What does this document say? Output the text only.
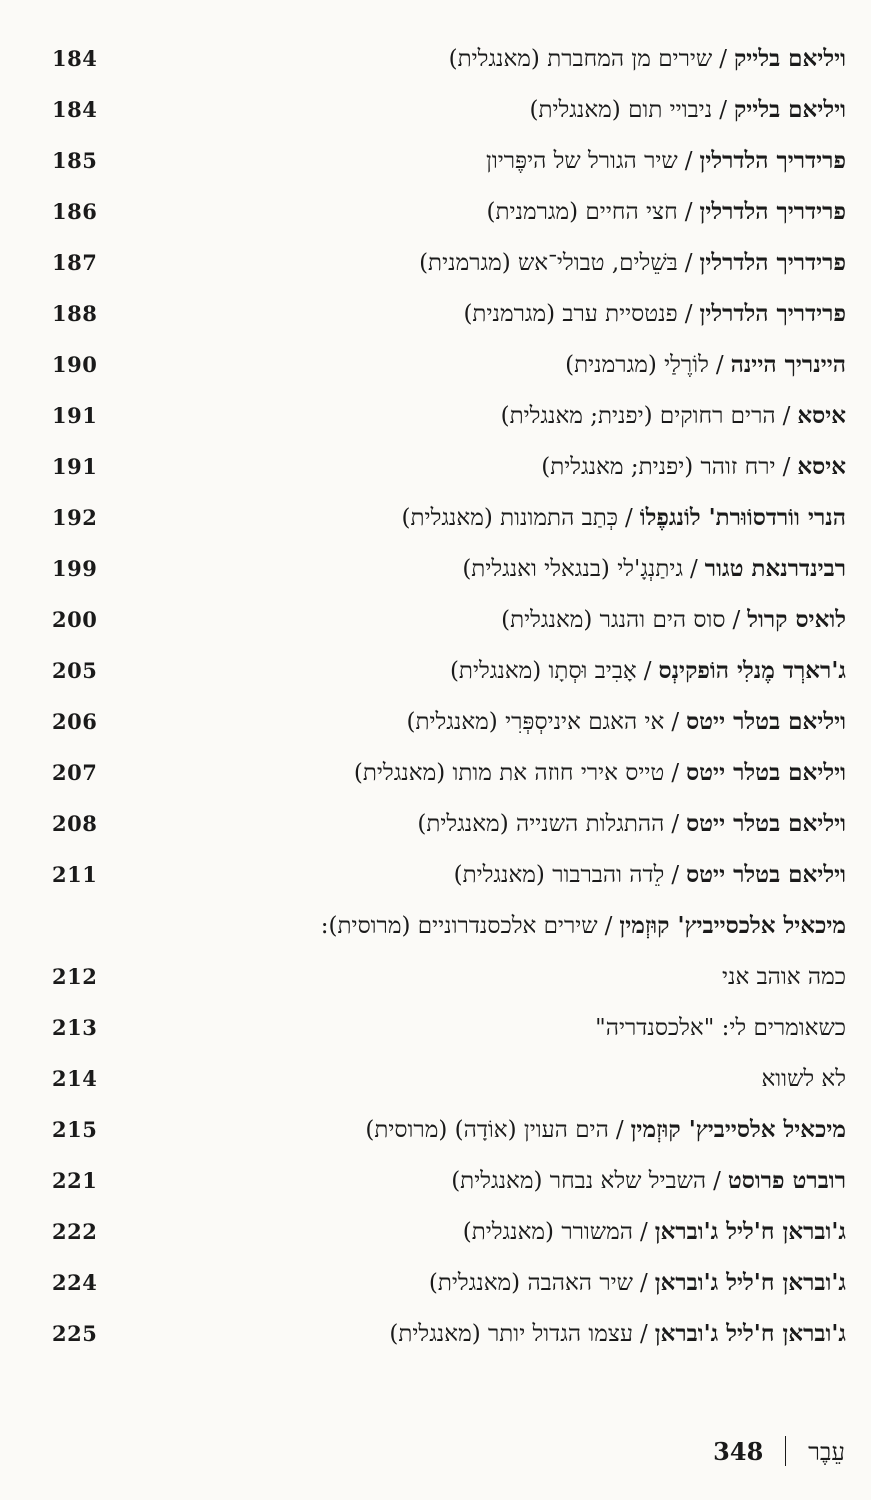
184	ויליאם בלייק/שירים מן המחברת (מאנגלית)
184	ויליאם בלייק/ניבויי תום (מאנגלית)
185	פרידריך הלדרלין/שיר הגורל של היפֶּריון
186	פרידריך הלדרלין/חצי החיים (מגרמנית)
187	פרידריך הלדרלין/בּשֵׁלים, טבולי־אש (מגרמנית)
188	פרידריך הלדרלין/פנטסיית ערב (מגרמנית)
190	היינריך היינה/לוֹרֶלַי (מגרמנית)
191	איסא/הרים רחוקים (יפנית; מאנגלית)
191	איסא/ירח זוהר (יפנית; מאנגלית)
192	הנרי ווֹרדסוֹוּרת' לוֹנגפֶלוֹ/כְּתַב התמונות (מאנגלית)
199	רבינדרנאת טגור/גיתַנְגָ'לי (בנגאלי ואנגלית)
200	לואיס קרול/סוס הים והנגר (מאנגלית)
205	ג'רארְד מֶנלִי הוֹפקינְס/אָבִיב וּסְתָו (מאנגלית)
206	ויליאם בטלר ייטס/אי האגם איניסְפְּרִי (מאנגלית)
207	ויליאם בטלר ייטס/טייס אירי חוזה את מותו (מאנגלית)
208	ויליאם בטלר ייטס/ההתגלות השנייה (מאנגלית)
211	ויליאם בטלר ייטס/לֵדה והברבור (מאנגלית)
מיכאיל אלכסייביץ' קוּזְמין/שירים אלכסנדרוניים (מרוסית):
212	כמה אוהב אני
213	כשאומרים לי: "אלכסנדריה"
214	לא לשווא
215	מיכאיל אלסייביץ' קוּזְמין/הים העוין (אוֹדָה) (מרוסית)
221	רוברט פרוסט/השביל שלא נבחר (מאנגלית)
222	ג'ובראן ח'ליל ג'ובראן/המשורר (מאנגלית)
224	ג'ובראן ח'ליל ג'ובראן/שיר האהבה (מאנגלית)
225	ג'ובראן ח'ליל ג'ובראן/עצמו הגדול יותר (מאנגלית)
עֵבֶר  348
